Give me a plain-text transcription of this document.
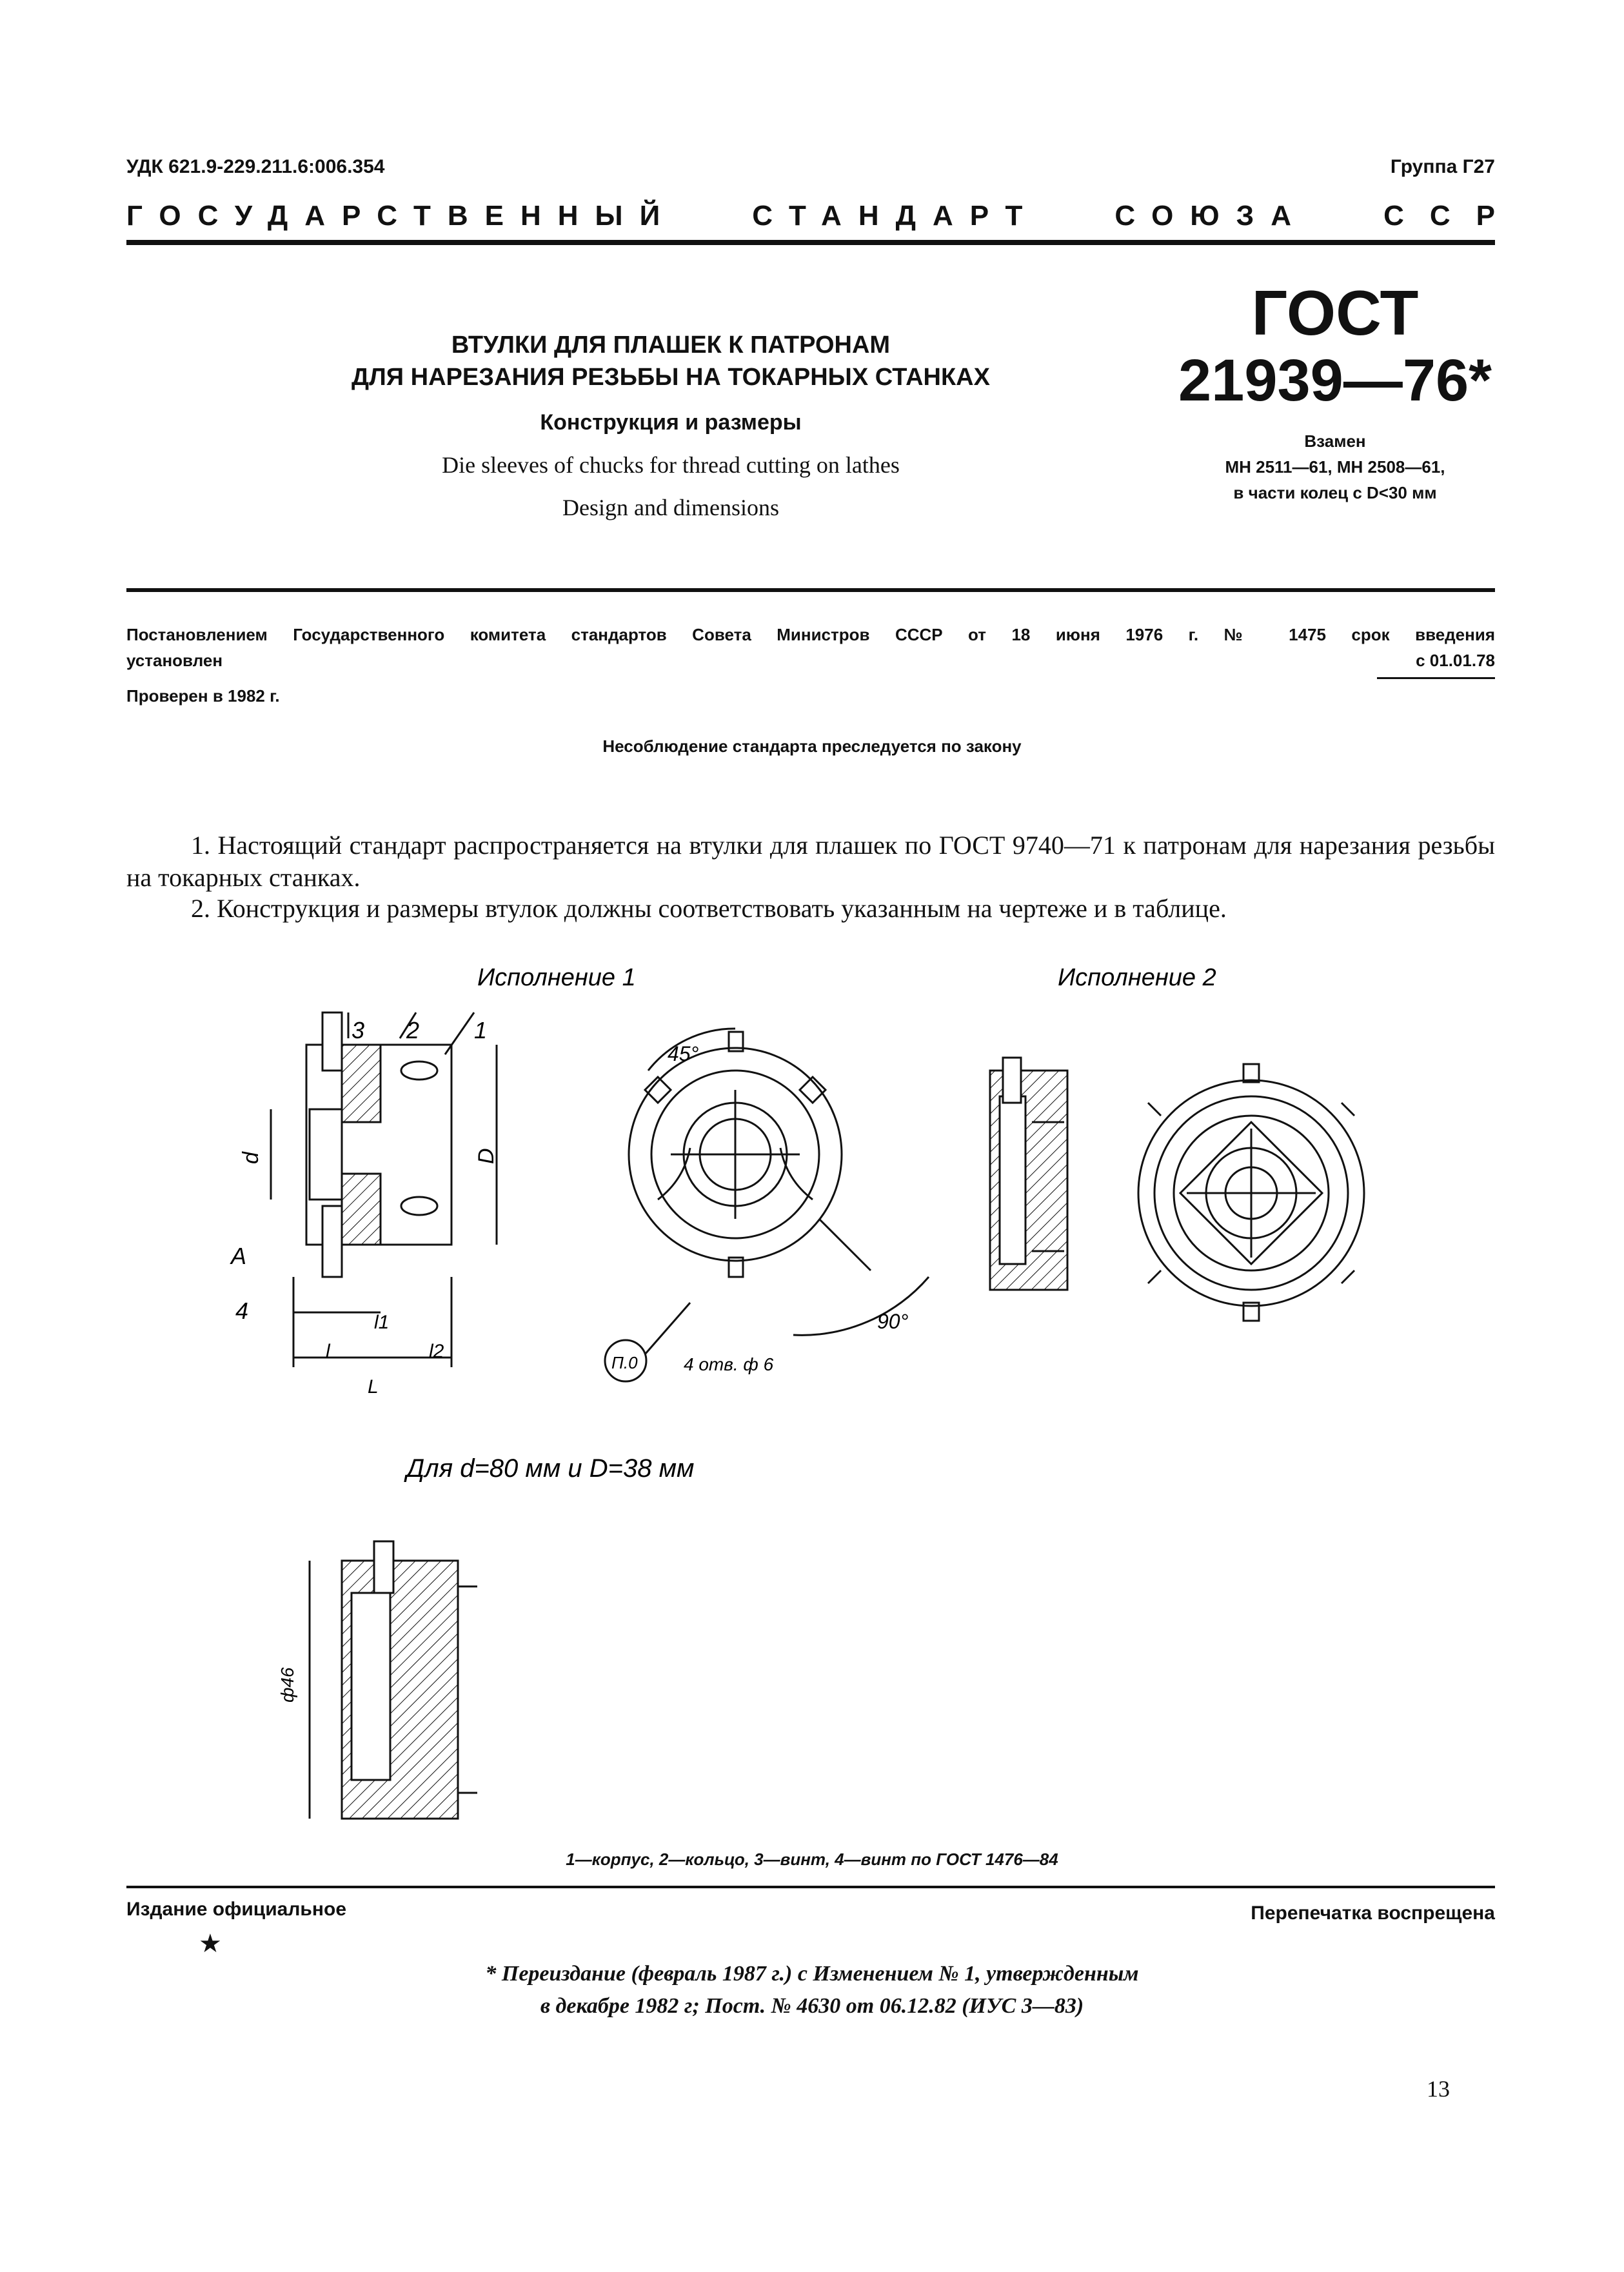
УДК 621.9-229.211.6:006.354	Группа Г27
ГОСУДАРСТВЕННЫЙ	СТАНДАРТ	СОЮЗА	ССР
ВТУЛКИ ДЛЯ ПЛАШЕК К ПАТРОНАМ
ДЛЯ НАРЕЗАНИЯ РЕЗЬБЫ НА ТОКАРНЫХ СТАНКАХ
Конструкция и размеры
Die sleeves of chucks for thread cutting on lathes
Design and dimensions
ГОСТ
21939—76*
Взамен
МН 2511—61, МН 2508—61,
в части колец с D<30 мм
Постановлением Государственного комитета стандартов Совета Министров СССР от 18 июня 1976 г. № 1475 срок введения
установлен	с 01.01.78
Проверен в 1982 г.
Несоблюдение стандарта преследуется по закону
1. Настоящий стандарт распространяется на втулки для плашек по ГОСТ 9740—71 к патронам для нарезания резьбы на токарных станках.
2. Конструкция и размеры втулок должны соответствовать указанным на чертеже и в таблице.
Исполнение 1	Исполнение 2
3 2 1
d	D
А
4
l
l1
l2
L
П.0
45°
90°
4 отв. ф 6
Для d=80 мм и D=38 мм
ф46
1—корпус, 2—кольцо, 3—винт, 4—винт по ГОСТ 1476—84
Издание официальное	Перепечатка воспрещена
★
* Переиздание (февраль 1987 г.) с Изменением № 1, утвержденным
в декабре 1982 г; Пост. № 4630 от 06.12.82 (ИУС 3—83)
13
